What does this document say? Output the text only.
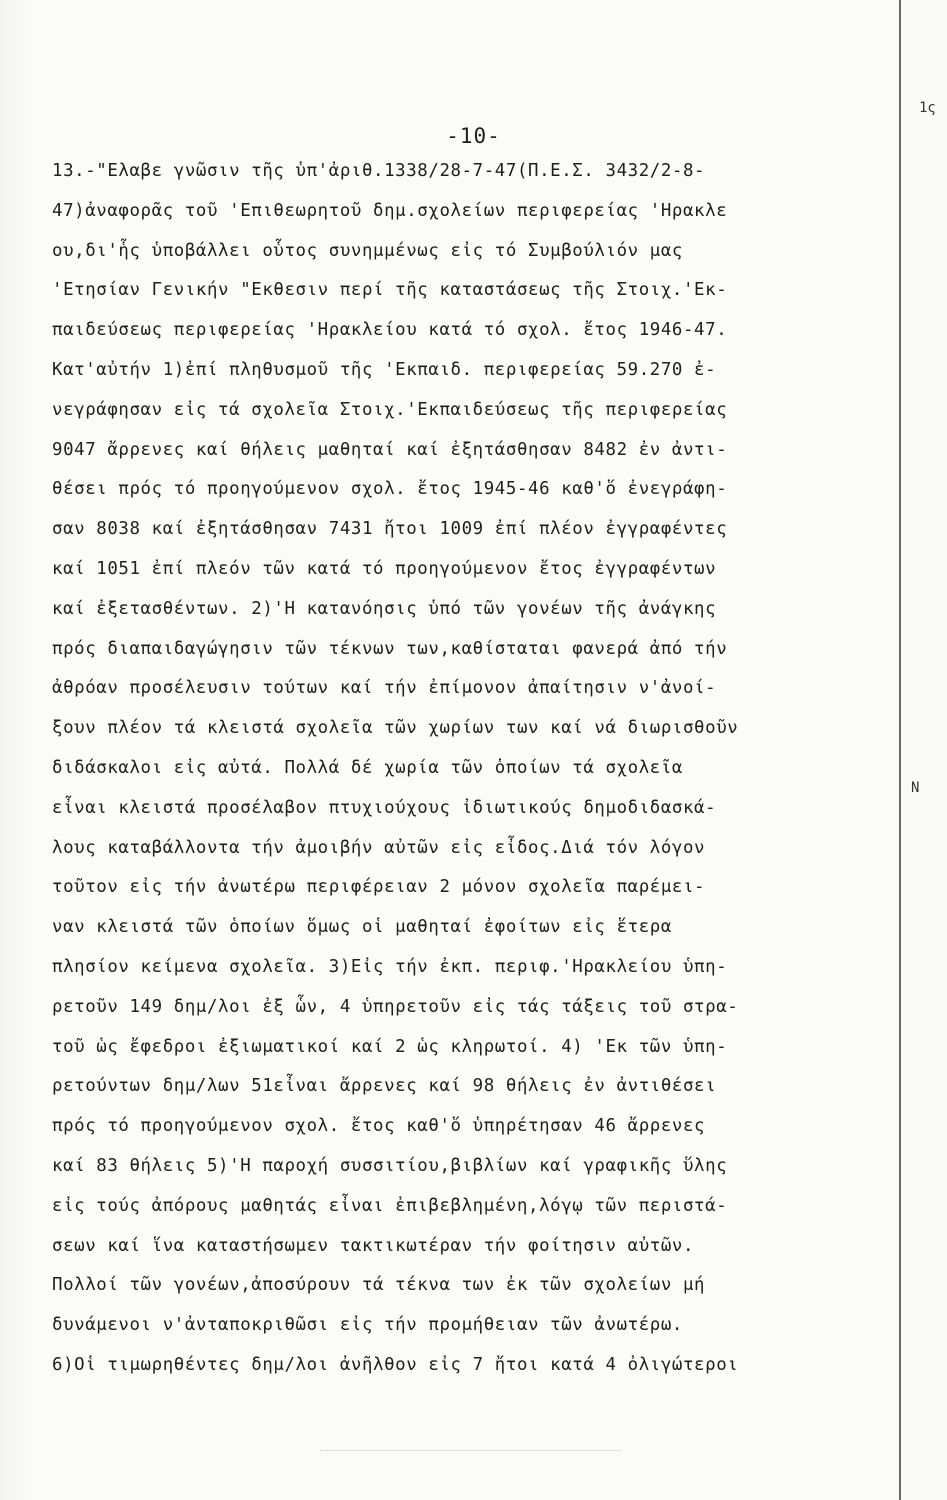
1ς
Ν
-10-
13.-"Ελαβε γνῶσιν τῆς ὑπ'ἀριθ.1338/28-7-47(Π.Ε.Σ. 3432/2-8-
47)ἀναφορᾶς τοῦ 'Επιθεωρητοῦ δημ.σχολείων περιφερείας 'Ηρακλε
ου,δι'ἧς ὑποβάλλει οὗτος συνημμένως εἰς τό Συμβούλιόν μας
'Ετησίαν Γενικήν "Εκθεσιν περί τῆς καταστάσεως τῆς Στοιχ.'Εκ-
παιδεύσεως περιφερείας 'Ηρακλείου κατά τό σχολ. ἔτος 1946-47.
Κατ'αὐτήν 1)ἐπί πληθυσμοῦ τῆς 'Εκπαιδ. περιφερείας 59.270 ἐ-
νεγράφησαν εἰς τά σχολεῖα Στοιχ.'Εκπαιδεύσεως τῆς περιφερείας
9047 ἄρρενες καί θήλεις μαθηταί καί ἐξητάσθησαν 8482 ἐν ἀντι-
θέσει πρός τό προηγούμενον σχολ. ἔτος 1945-46 καθ'ὅ ἐνεγράφη-
σαν 8038 καί ἐξητάσθησαν 7431 ἤτοι 1009 ἐπί πλέον ἐγγραφέντες
καί 1051 ἐπί πλεόν τῶν κατά τό προηγούμενον ἔτος ἐγγραφέντων
καί ἐξετασθέντων. 2)'Η κατανόησις ὑπό τῶν γονέων τῆς ἀνάγκης
πρός διαπαιδαγώγησιν τῶν τέκνων των,καθίσταται φανερά ἀπό τήν
ἀθρόαν προσέλευσιν τούτων καί τήν ἐπίμονον ἀπαίτησιν ν'ἀνοί-
ξουν πλέον τά κλειστά σχολεῖα τῶν χωρίων των καί νά διωρισθοῦν
διδάσκαλοι εἰς αὐτά. Πολλά δέ χωρία τῶν ὁποίων τά σχολεῖα
εἶναι κλειστά προσέλαβον πτυχιούχους ἰδιωτικούς δημοδιδασκά-
λους καταβάλλοντα τήν ἀμοιβήν αὐτῶν εἰς εἶδος.Διά τόν λόγον
τοῦτον εἰς τήν ἀνωτέρω περιφέρειαν 2 μόνον σχολεῖα παρέμει-
ναν κλειστά τῶν ὁποίων ὅμως οἱ μαθηταί ἐφοίτων εἰς ἕτερα
πλησίον κείμενα σχολεῖα. 3)Εἰς τήν ἐκπ. περιφ.'Ηρακλείου ὑπη-
ρετοῦν 149 δημ/λοι ἐξ ὧν, 4 ὑπηρετοῦν εἰς τάς τάξεις τοῦ στρα-
τοῦ ὡς ἔφεδροι ἐξιωματικοί καί 2 ὡς κληρωτοί. 4) 'Εκ τῶν ὑπη-
ρετούντων δημ/λων 51εἶναι ἄρρενες καί 98 θήλεις ἐν ἀντιθέσει
πρός τό προηγούμενον σχολ. ἔτος καθ'ὅ ὑπηρέτησαν 46 ἄρρενες
καί 83 θήλεις 5)'Η παροχή συσσιτίου,βιβλίων καί γραφικῆς ὕλης
εἰς τούς ἀπόρους μαθητάς εἶναι ἐπιβεβλημένη,λόγῳ τῶν περιστά-
σεων καί ἵνα καταστήσωμεν τακτικωτέραν τήν φοίτησιν αὐτῶν.
Πολλοί τῶν γονέων,ἀποσύρουν τά τέκνα των ἐκ τῶν σχολείων μή
δυνάμενοι ν'ἀνταποκριθῶσι εἰς τήν προμήθειαν τῶν ἀνωτέρω.
6)Οἱ τιμωρηθέντες δημ/λοι ἀνῆλθον εἰς 7 ἤτοι κατά 4 ὀλιγώτεροι
